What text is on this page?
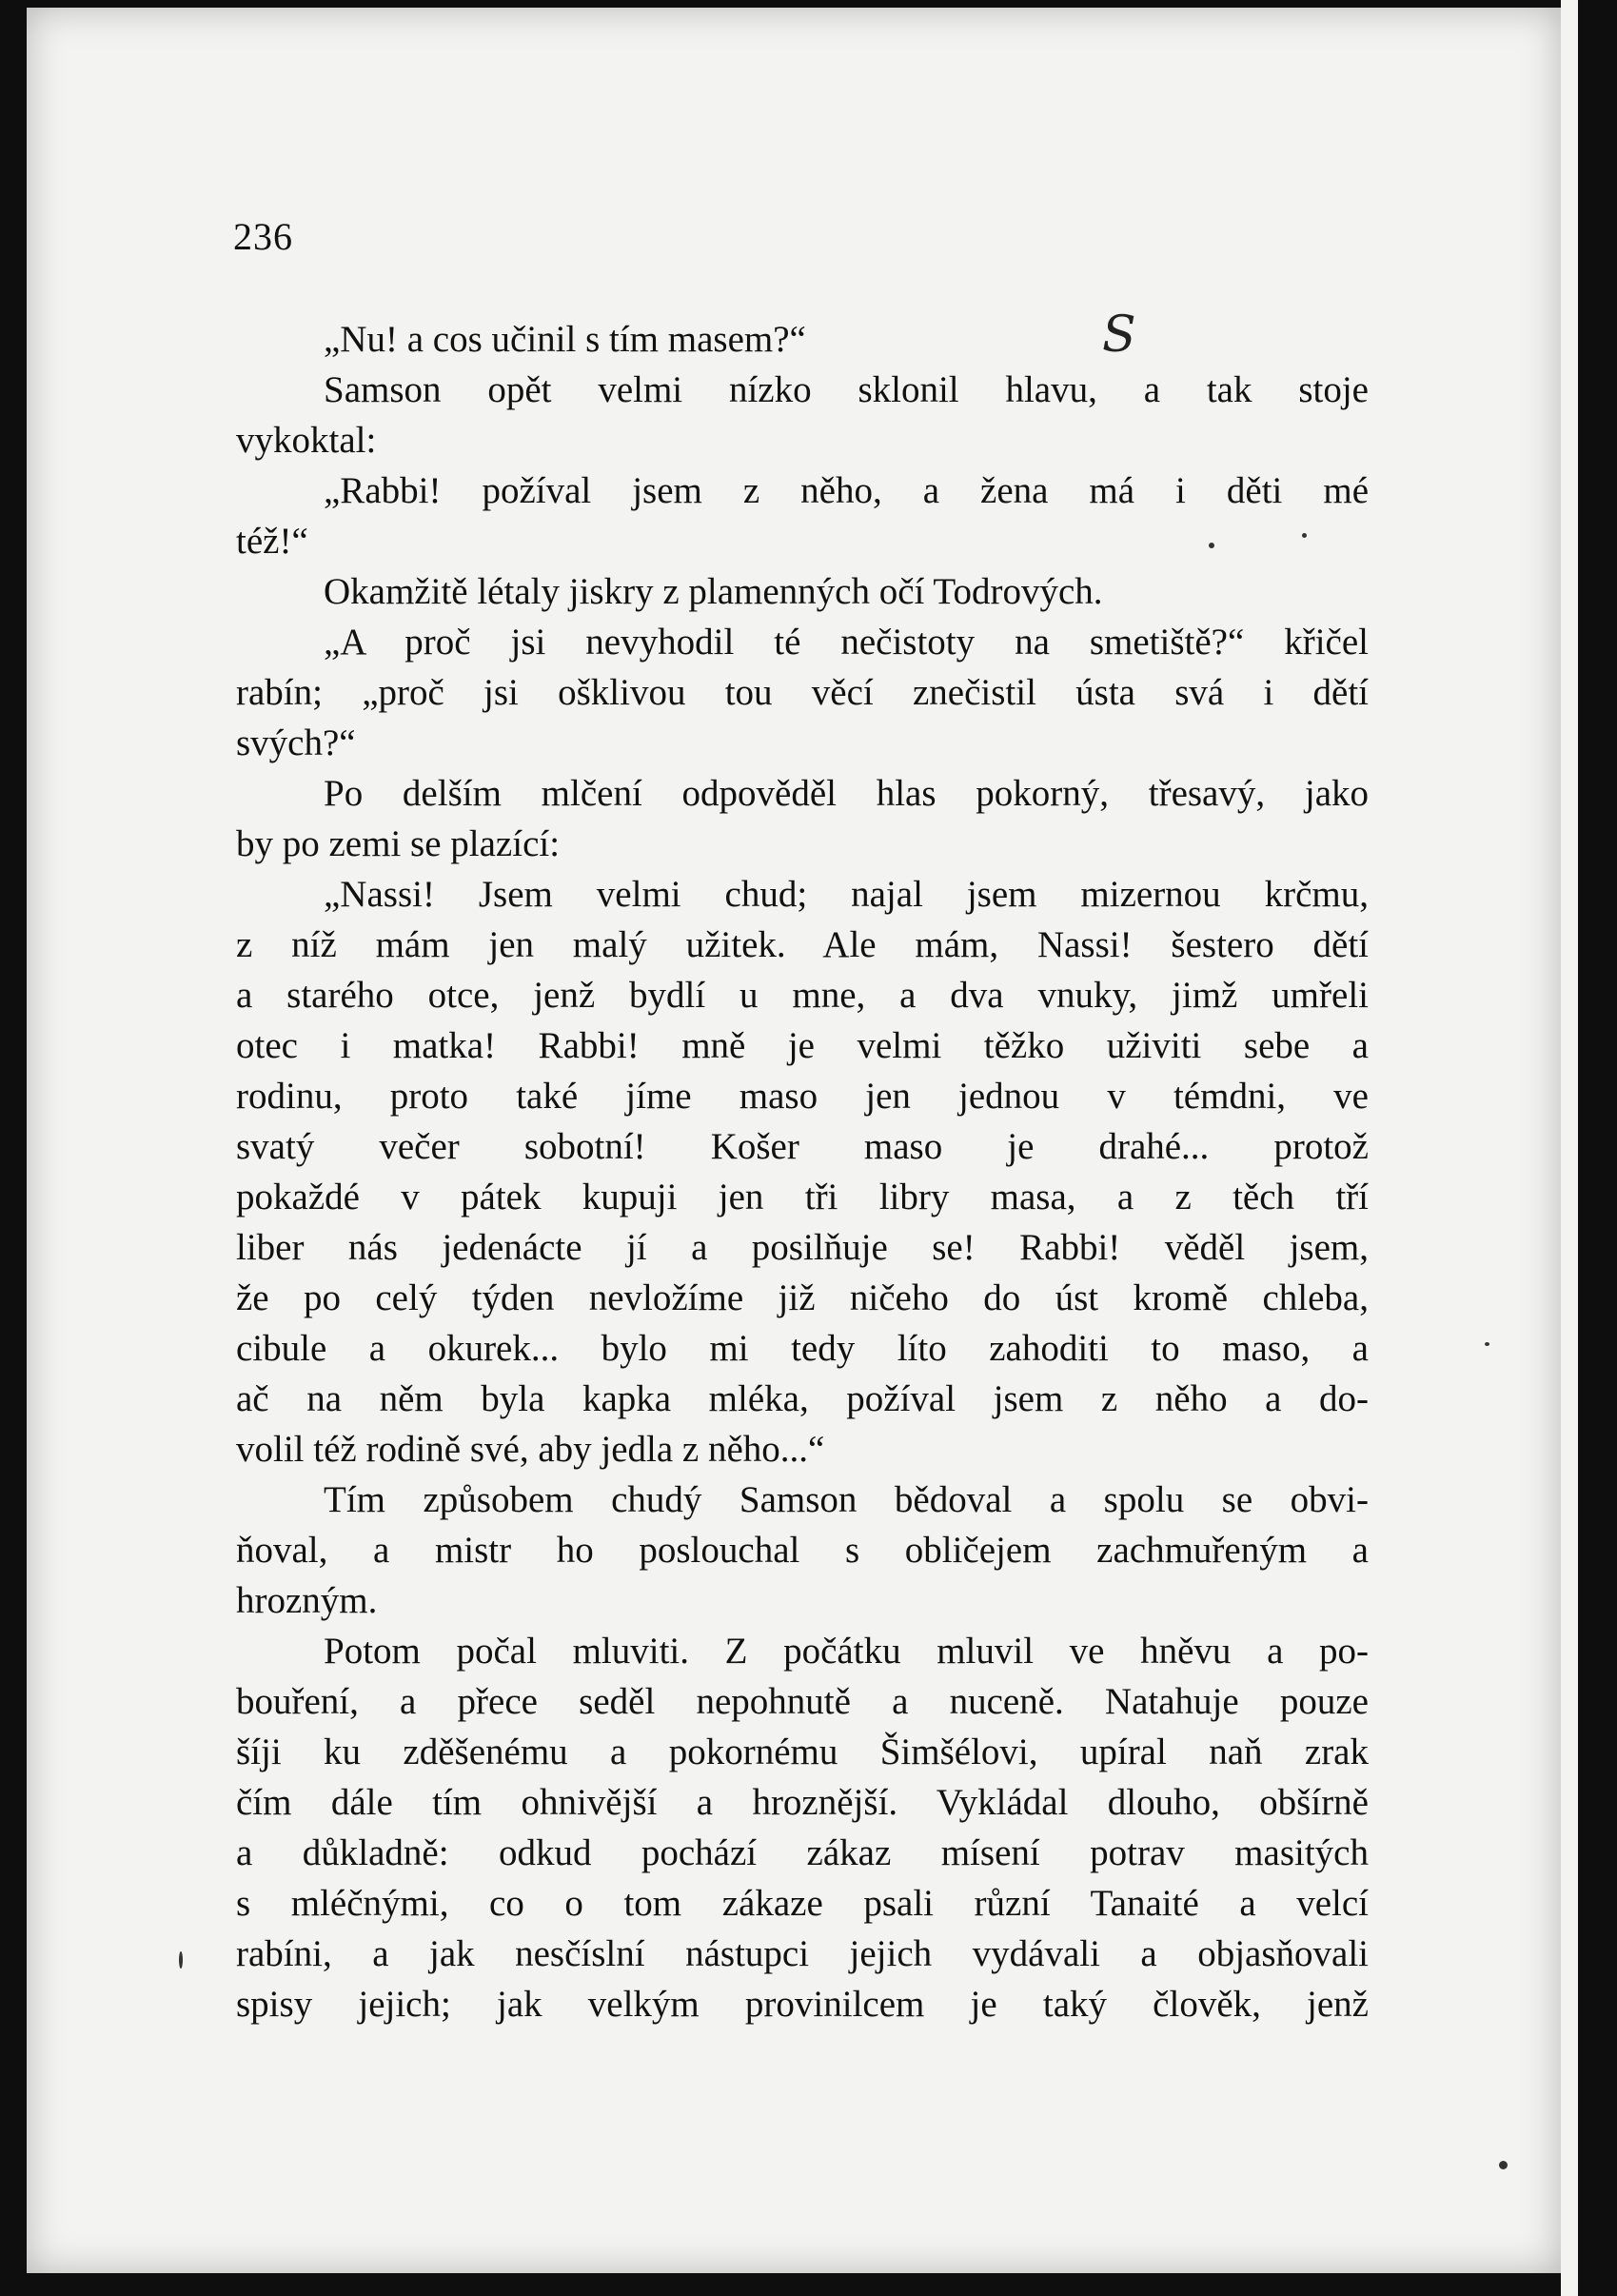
236
S
„Nu! a cos učinil s tím masem?“
Samson opět velmi nízko sklonil hlavu, a tak stoje
vykoktal:
„Rabbi! požíval jsem z něho, a žena má i děti mé
též!“
Okamžitě létaly jiskry z plamenných očí Todrových.
„A proč jsi nevyhodil té nečistoty na smetiště?“ křičel
rabín; „proč jsi ošklivou tou věcí znečistil ústa svá i dětí
svých?“
Po delším mlčení odpověděl hlas pokorný, třesavý, jako
by po zemi se plazící:
„Nassi! Jsem velmi chud; najal jsem mizernou krčmu,
z níž mám jen malý užitek. Ale mám, Nassi! šestero dětí
a starého otce, jenž bydlí u mne, a dva vnuky, jimž umřeli
otec i matka! Rabbi! mně je velmi těžko uživiti sebe a
rodinu, proto také jíme maso jen jednou v témdni, ve
svatý večer sobotní! Košer maso je drahé... protož
pokaždé v pátek kupuji jen tři libry masa, a z těch tří
liber nás jedenácte jí a posilňuje se! Rabbi! věděl jsem,
že po celý týden nevložíme již ničeho do úst kromě chleba,
cibule a okurek... bylo mi tedy líto zahoditi to maso, a
ač na něm byla kapka mléka, požíval jsem z něho a do-
volil též rodině své, aby jedla z něho...“
Tím způsobem chudý Samson bědoval a spolu se obvi-
ňoval, a mistr ho poslouchal s obličejem zachmuřeným a
hrozným.
Potom počal mluviti. Z počátku mluvil ve hněvu a po-
bouření, a přece seděl nepohnutě a nuceně. Natahuje pouze
šíji ku zděšenému a pokornému Šimšélovi, upíral naň zrak
čím dále tím ohnivější a hroznější. Vykládal dlouho, obšírně
a důkladně: odkud pochází zákaz mísení potrav masitých
s mléčnými, co o tom zákaze psali různí Tanaité a velcí
rabíni, a jak nesčíslní nástupci jejich vydávali a objasňovali
spisy jejich; jak velkým provinilcem je taký člověk, jenž
